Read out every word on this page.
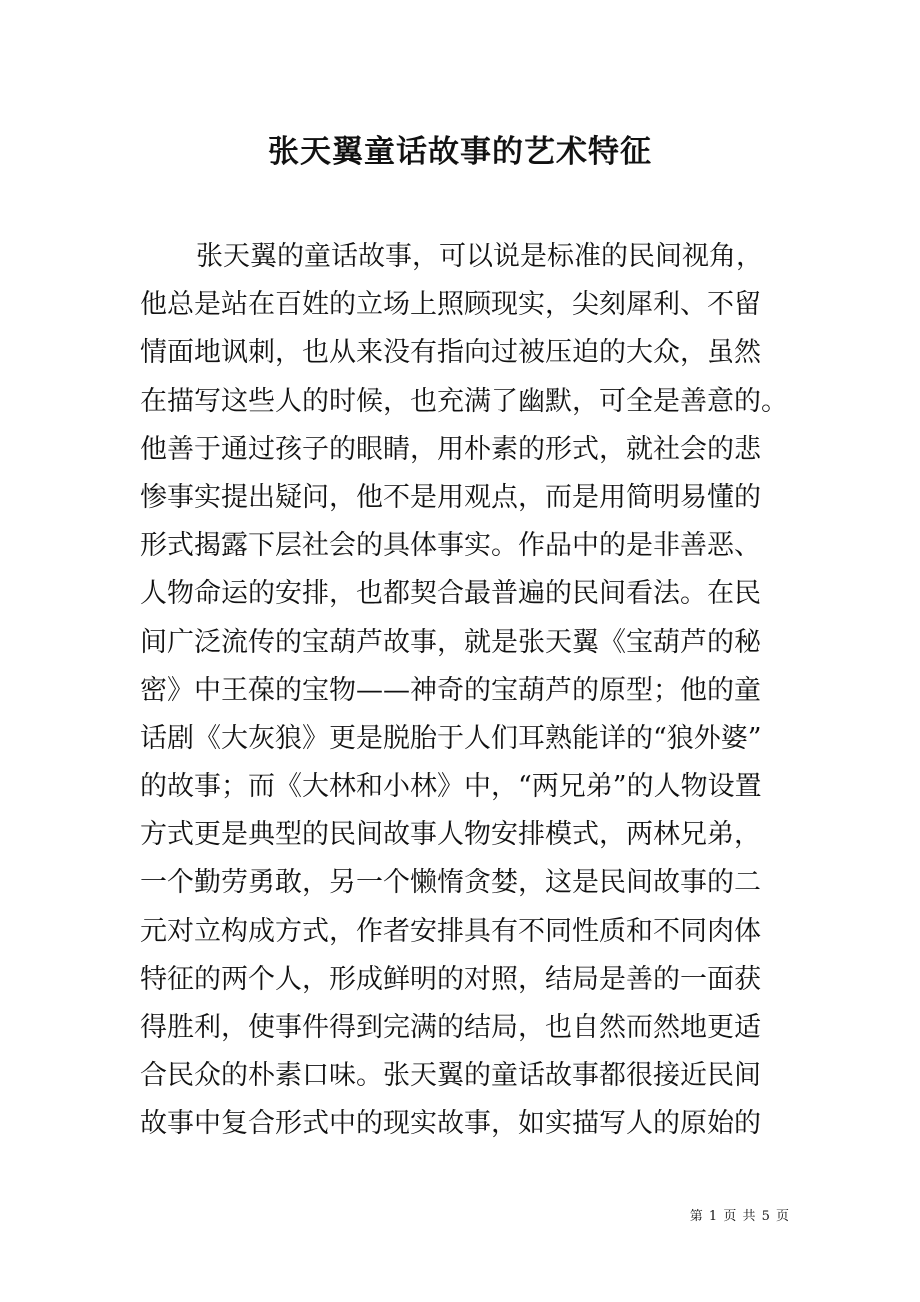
张天翼童话故事的艺术特征
张天翼的童话故事，可以说是标准的民间视角，
他总是站在百姓的立场上照顾现实，尖刻犀利、不留
情面地讽刺，也从来没有指向过被压迫的大众，虽然
在描写这些人的时候，也充满了幽默，可全是善意的。
他善于通过孩子的眼睛，用朴素的形式，就社会的悲
惨事实提出疑问，他不是用观点，而是用简明易懂的
形式揭露下层社会的具体事实。作品中的是非善恶、
人物命运的安排，也都契合最普遍的民间看法。在民
间广泛流传的宝葫芦故事，就是张天翼《宝葫芦的秘
密》中王葆的宝物——神奇的宝葫芦的原型；他的童
话剧《大灰狼》更是脱胎于人们耳熟能详的“狼外婆”
的故事；而《大林和小林》中，“两兄弟”的人物设置
方式更是典型的民间故事人物安排模式，两林兄弟，
一个勤劳勇敢，另一个懒惰贪婪，这是民间故事的二
元对立构成方式，作者安排具有不同性质和不同肉体
特征的两个人，形成鲜明的对照，结局是善的一面获
得胜利，使事件得到完满的结局，也自然而然地更适
合民众的朴素口味。张天翼的童话故事都很接近民间
故事中复合形式中的现实故事，如实描写人的原始的
第 1 页 共 5 页
